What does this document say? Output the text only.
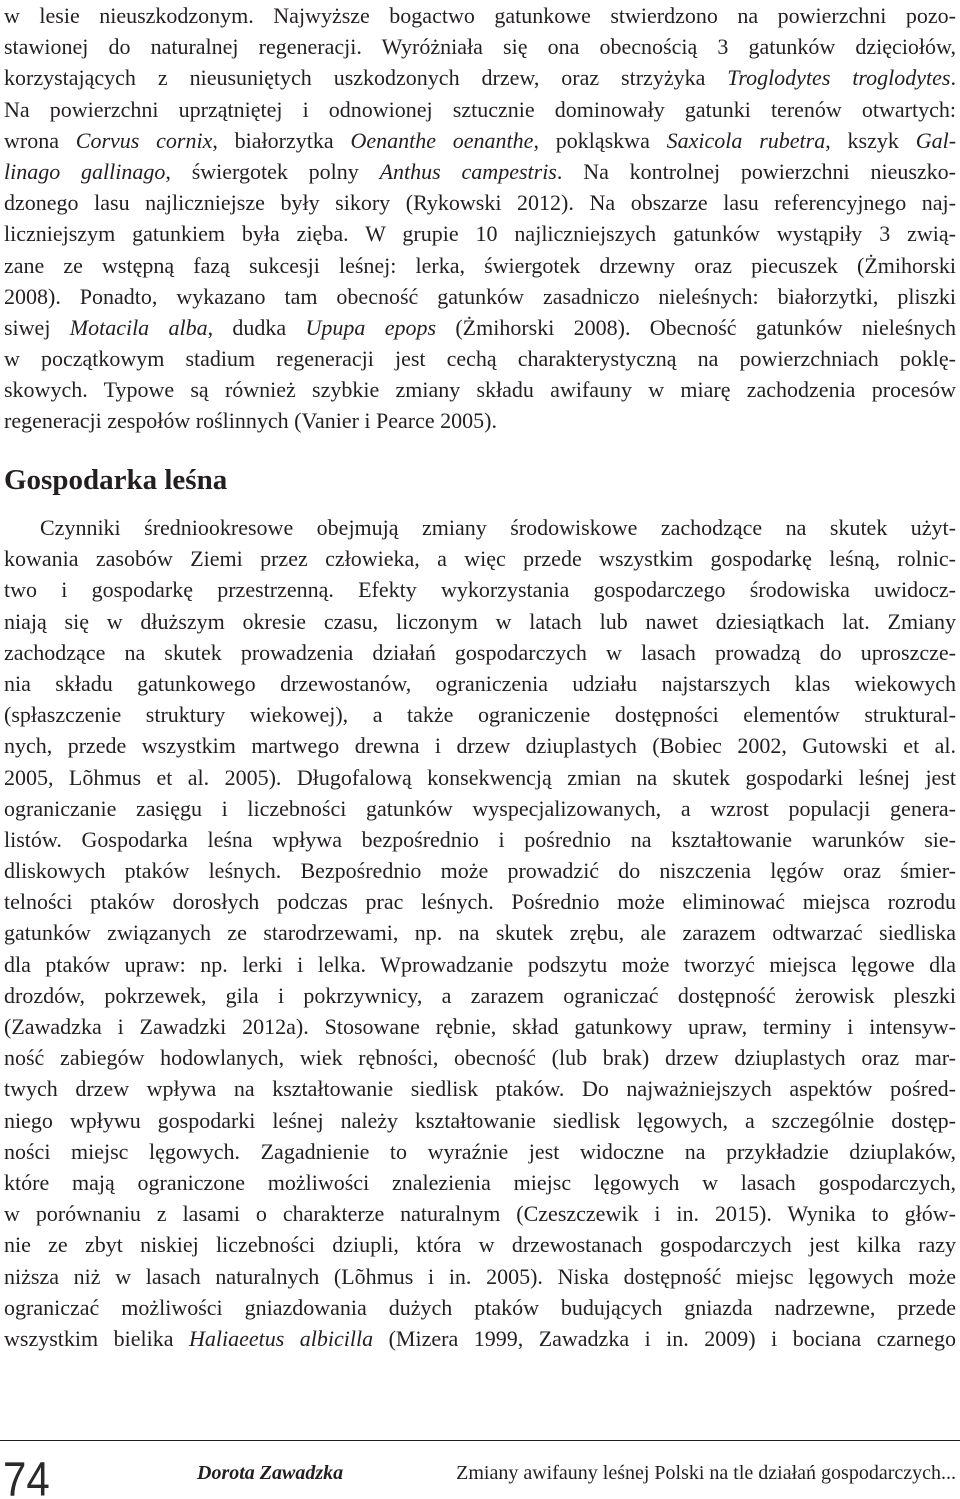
w lesie nieuszkodzonym. Najwyższe bogactwo gatunkowe stwierdzono na powierzchni pozo-
stawionej do naturalnej regeneracji. Wyróżniała się ona obecnością 3 gatunków dzięciołów,
korzystających z nieusuniętych uszkodzonych drzew, oraz strzyżyka Troglodytes troglodytes.
Na powierzchni uprzątniętej i odnowionej sztucznie dominowały gatunki terenów otwartych:
wrona Corvus cornix, białorzytka Oenanthe oenanthe, pokląskwa Saxicola rubetra, kszyk Gal-
linago gallinago, świergotek polny Anthus campestris. Na kontrolnej powierzchni nieuszko-
dzonego lasu najliczniejsze były sikory (Rykowski 2012). Na obszarze lasu referencyjnego naj-
liczniejszym gatunkiem była zięba. W grupie 10 najliczniejszych gatunków wystąpiły 3 zwią-
zane ze wstępną fazą sukcesji leśnej: lerka, świergotek drzewny oraz piecuszek (Żmihorski
2008). Ponadto, wykazano tam obecność gatunków zasadniczo nieleśnych: białorzytki, pliszki
siwej Motacila alba, dudka Upupa epops (Żmihorski 2008). Obecność gatunków nieleśnych
w początkowym stadium regeneracji jest cechą charakterystyczną na powierzchniach poklę-
skowych. Typowe są również szybkie zmiany składu awifauny w miarę zachodzenia procesów
regeneracji zespołów roślinnych (Vanier i Pearce 2005).
Gospodarka leśna
Czynniki średniookresowe obejmują zmiany środowiskowe zachodzące na skutek użyt-
kowania zasobów Ziemi przez człowieka, a więc przede wszystkim gospodarkę leśną, rolnic-
two i gospodarkę przestrzenną. Efekty wykorzystania gospodarczego środowiska uwidocz-
niają się w dłuższym okresie czasu, liczonym w latach lub nawet dziesiątkach lat. Zmiany
zachodzące na skutek prowadzenia działań gospodarczych w lasach prowadzą do uproszcze-
nia składu gatunkowego drzewostanów, ograniczenia udziału najstarszych klas wiekowych
(spłaszczenie struktury wiekowej), a także ograniczenie dostępności elementów struktural-
nych, przede wszystkim martwego drewna i drzew dziuplastych (Bobiec 2002, Gutowski et al.
2005, Lõhmus et al. 2005). Długofalową konsekwencją zmian na skutek gospodarki leśnej jest
ograniczanie zasięgu i liczebności gatunków wyspecjalizowanych, a wzrost populacji genera-
listów. Gospodarka leśna wpływa bezpośrednio i pośrednio na kształtowanie warunków sie-
dliskowych ptaków leśnych. Bezpośrednio może prowadzić do niszczenia lęgów oraz śmier-
telności ptaków dorosłych podczas prac leśnych. Pośrednio może eliminować miejsca rozrodu
gatunków związanych ze starodrzewami, np. na skutek zrębu, ale zarazem odtwarzać siedliska
dla ptaków upraw: np. lerki i lelka. Wprowadzanie podszytu może tworzyć miejsca lęgowe dla
drozdów, pokrzewek, gila i pokrzywnicy, a zarazem ograniczać dostępność żerowisk pleszki
(Zawadzka i Zawadzki 2012a). Stosowane rębnie, skład gatunkowy upraw, terminy i intensyw-
ność zabiegów hodowlanych, wiek rębności, obecność (lub brak) drzew dziuplastych oraz mar-
twych drzew wpływa na kształtowanie siedlisk ptaków. Do najważniejszych aspektów pośred-
niego wpływu gospodarki leśnej należy kształtowanie siedlisk lęgowych, a szczególnie dostęp-
ności miejsc lęgowych. Zagadnienie to wyraźnie jest widoczne na przykładzie dziuplaków,
które mają ograniczone możliwości znalezienia miejsc lęgowych w lasach gospodarczych,
w porównaniu z lasami o charakterze naturalnym (Czeszczewik i in. 2015). Wynika to głów-
nie ze zbyt niskiej liczebności dziupli, która w drzewostanach gospodarczych jest kilka razy
niższa niż w lasach naturalnych (Lõhmus i in. 2005). Niska dostępność miejsc lęgowych może
ograniczać możliwości gniazdowania dużych ptaków budujących gniazda nadrzewne, przede
wszystkim bielika Haliaeetus albicilla (Mizera 1999, Zawadzka i in. 2009) i bociana czarnego
74	Dorota Zawadzka	Zmiany awifauny leśnej Polski na tle działań gospodarczych...
